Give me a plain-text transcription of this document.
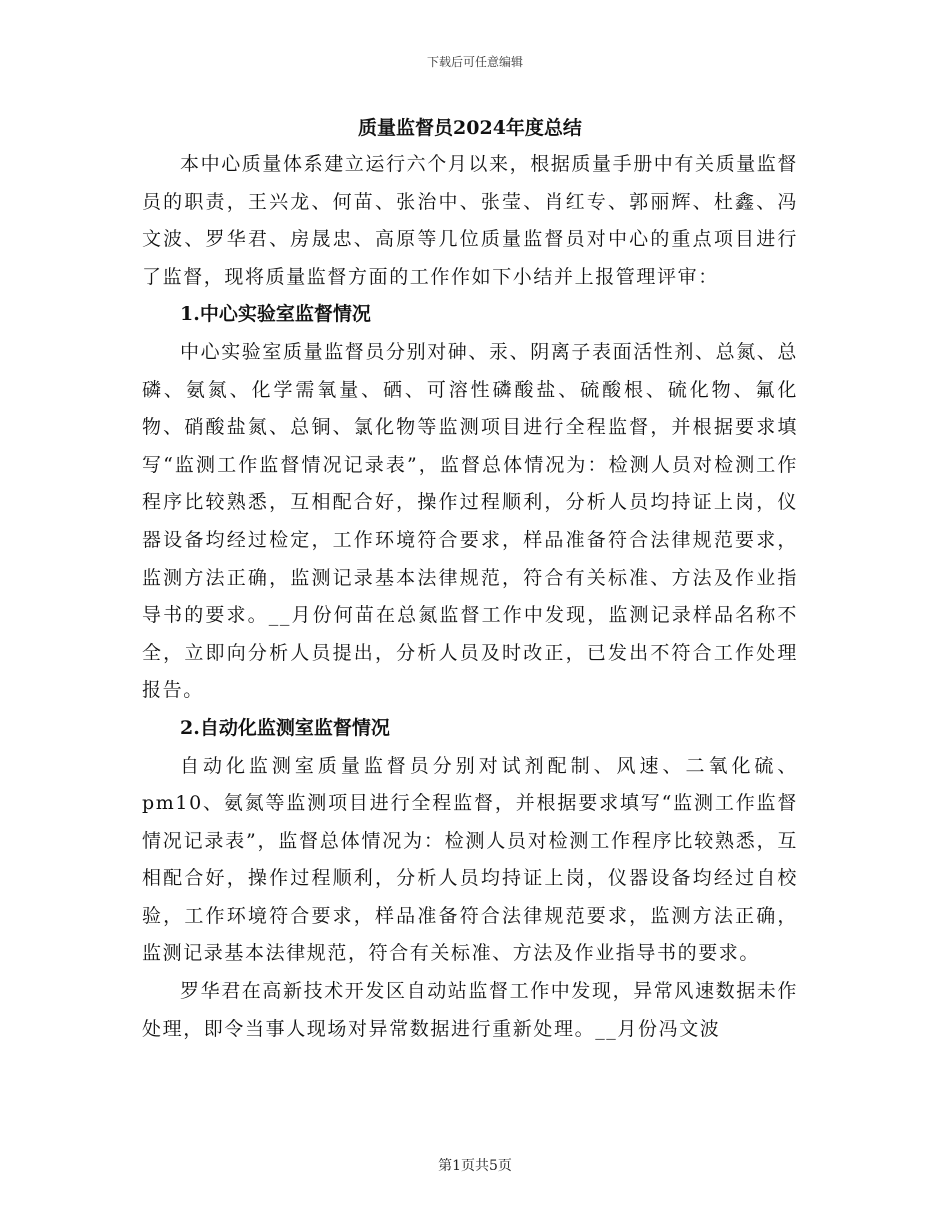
下载后可任意编辑
质量监督员2024年度总结

本中心质量体系建立运行六个月以来，根据质量手册中有关质量监督员的职责，王兴龙、何苗、张治中、张莹、肖红专、郭丽辉、杜鑫、冯文波、罗华君、房晟忠、高原等几位质量监督员对中心的重点项目进行了监督，现将质量监督方面的工作作如下小结并上报管理评审：

1.中心实验室监督情况

中心实验室质量监督员分别对砷、汞、阴离子表面活性剂、总氮、总磷、氨氮、化学需氧量、硒、可溶性磷酸盐、硫酸根、硫化物、氟化物、硝酸盐氮、总铜、氯化物等监测项目进行全程监督，并根据要求填写“监测工作监督情况记录表”，监督总体情况为：检测人员对检测工作程序比较熟悉，互相配合好，操作过程顺利，分析人员均持证上岗，仪器设备均经过检定，工作环境符合要求，样品准备符合法律规范要求，监测方法正确，监测记录基本法律规范，符合有关标准、方法及作业指导书的要求。__月份何苗在总氮监督工作中发现，监测记录样品名称不全，立即向分析人员提出，分析人员及时改正，已发出不符合工作处理报告。

2.自动化监测室监督情况

自动化监测室质量监督员分别对试剂配制、风速、二氧化硫、pm10、氨氮等监测项目进行全程监督，并根据要求填写“监测工作监督情况记录表”，监督总体情况为：检测人员对检测工作程序比较熟悉，互相配合好，操作过程顺利，分析人员均持证上岗，仪器设备均经过自校验，工作环境符合要求，样品准备符合法律规范要求，监测方法正确，监测记录基本法律规范，符合有关标准、方法及作业指导书的要求。

罗华君在高新技术开发区自动站监督工作中发现，异常风速数据未作处理，即令当事人现场对异常数据进行重新处理。__月份冯文波

第1页共5页
